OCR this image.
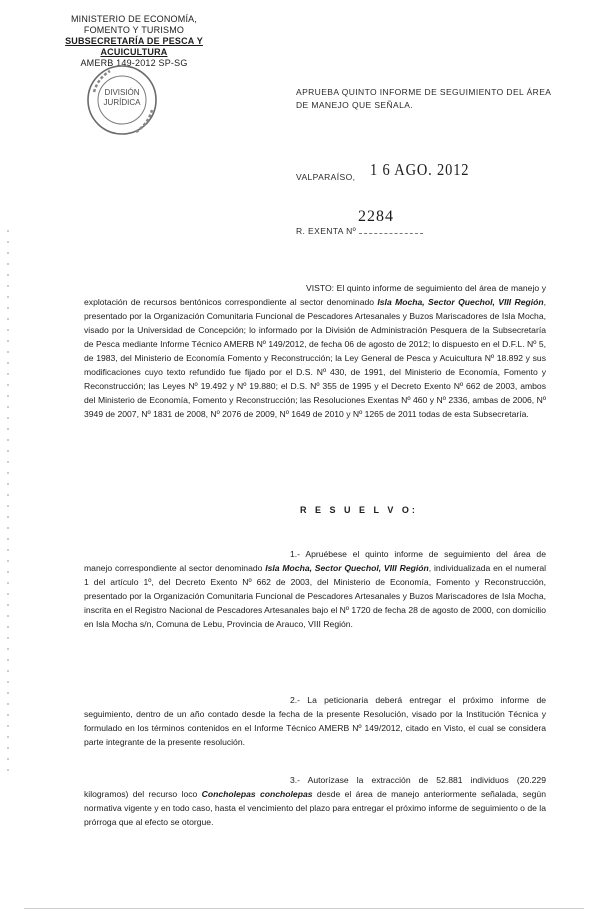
MINISTERIO DE ECONOMÍA,
FOMENTO Y TURISMO
SUBSECRETARÍA DE PESCA Y ACUICULTURA
AMERB 149-2012 SP-SG
DIVISIÓN
JURÍDICA
APRUEBA QUINTO INFORME DE SEGUIMIENTO DEL ÁREA
DE MANEJO QUE SEÑALA.
VALPARAÍSO, 1 6 AGO. 2012
R. EXENTA Nº
2284

VISTO: El quinto informe de seguimiento del área de manejo y explotación de recursos bentónicos correspondiente al sector denominado Isla Mocha, Sector Quechol, VIII Región, presentado por la Organización Comunitaria Funcional de Pescadores Artesanales y Buzos Mariscadores de Isla Mocha, visado por la Universidad de Concepción; lo informado por la División de Administración Pesquera de la Subsecretaría de Pesca mediante Informe Técnico AMERB Nº 149/2012, de fecha 06 de agosto de 2012; lo dispuesto en el D.F.L. Nº 5, de 1983, del Ministerio de Economía Fomento y Reconstrucción; la Ley General de Pesca y Acuicultura Nº 18.892 y sus modificaciones cuyo texto refundido fue fijado por el D.S. Nº 430, de 1991, del Ministerio de Economía, Fomento y Reconstrucción; las Leyes Nº 19.492 y Nº 19.880; el D.S. Nº 355 de 1995 y el Decreto Exento Nº 662 de 2003, ambos del Ministerio de Economía, Fomento y Reconstrucción; las Resoluciones Exentas Nº 460 y Nº 2336, ambas de 2006, Nº 3949 de 2007, Nº 1831 de 2008, Nº 2076 de 2009, Nº 1649 de 2010 y Nº 1265 de 2011 todas de esta Subsecretaría.

R E S U E L V O:

1.- Apruébese el quinto informe de seguimiento del área de manejo correspondiente al sector denominado Isla Mocha, Sector Quechol, VIII Región, individualizada en el numeral 1 del artículo 1º, del Decreto Exento Nº 662 de 2003, del Ministerio de Economía, Fomento y Reconstrucción, presentado por la Organización Comunitaria Funcional de Pescadores Artesanales y Buzos Mariscadores de Isla Mocha, inscrita en el Registro Nacional de Pescadores Artesanales bajo el Nº 1720 de fecha 28 de agosto de 2000, con domicilio en Isla Mocha s/n, Comuna de Lebu, Provincia de Arauco, VIII Región.

2.- La peticionaria deberá entregar el próximo informe de seguimiento, dentro de un año contado desde la fecha de la presente Resolución, visado por la Institución Técnica y formulado en los términos contenidos en el Informe Técnico AMERB Nº 149/2012, citado en Visto, el cual se considera parte integrante de la presente resolución.

3.- Autorízase la extracción de 52.881 individuos (20.229 kilogramos) del recurso loco Concholepas concholepas desde el área de manejo anteriormente señalada, según normativa vigente y en todo caso, hasta el vencimiento del plazo para entregar el próximo informe de seguimiento o de la prórroga que al efecto se otorgue.
